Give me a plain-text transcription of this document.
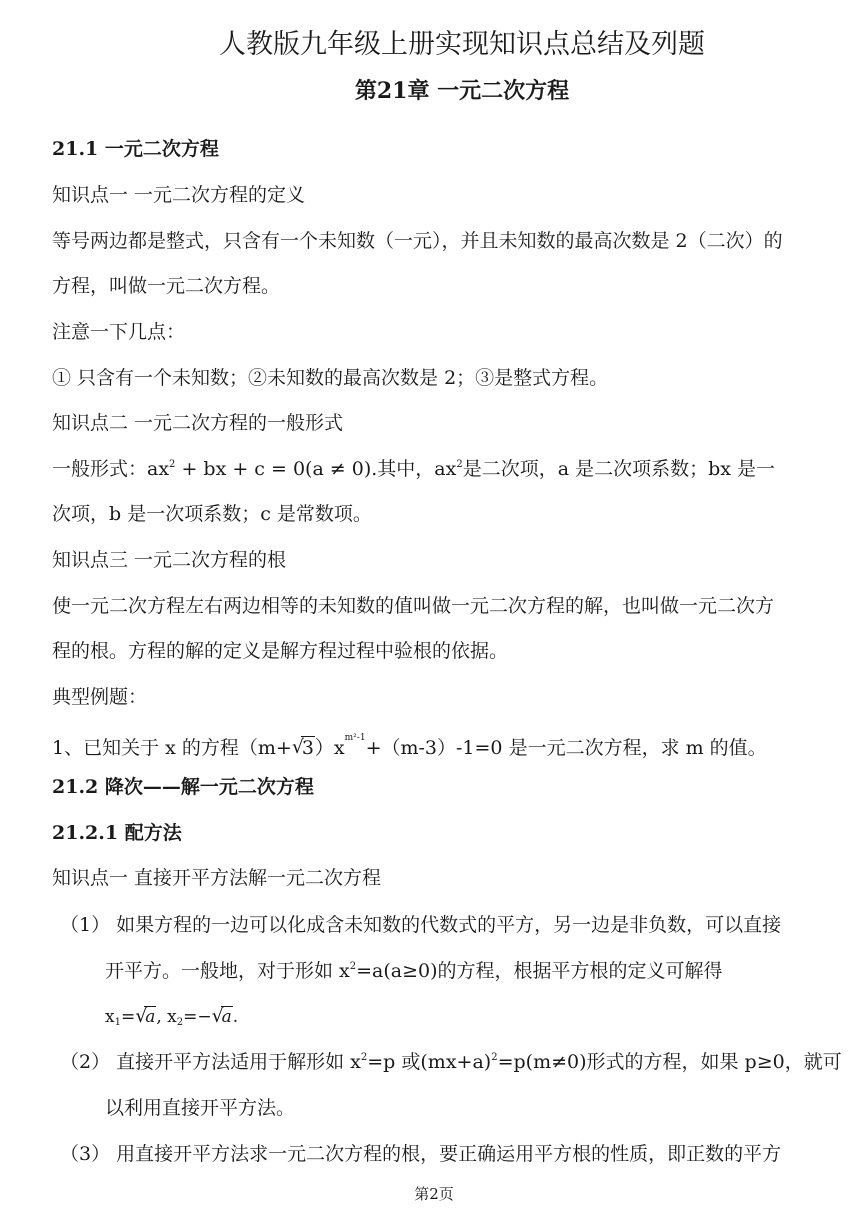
人教版九年级上册实现知识点总结及列题
第21章 一元二次方程
21.1 一元二次方程
知识点一 一元二次方程的定义
等号两边都是整式，只含有一个未知数（一元），并且未知数的最高次数是 2（二次）的
方程，叫做一元二次方程。
注意一下几点：
① 只含有一个未知数；②未知数的最高次数是 2；③是整式方程。
知识点二 一元二次方程的一般形式
一般形式：$ax^2$ + bx + c = 0(a ≠ 0).其中，$ax^2$是二次项，a 是二次项系数；bx 是一
次项，b 是一次项系数；c 是常数项。
知识点三 一元二次方程的根
使一元二次方程左右两边相等的未知数的值叫做一元二次方程的解，也叫做一元二次方
程的根。方程的解的定义是解方程过程中验根的依据。
典型例题：
1、已知关于 x 的方程（m+√ $3)x^{m^2-1}+(m-3)-1=0$ 是一元二次方程，求 m 的值。
21.2 降次——解一元二次方程
21.2.1 配方法
知识点一 直接开平方法解一元二次方程
（1） 如果方程的一边可以化成含未知数的代数式的平方，另一边是非负数，可以直接
开平方。一般地，对于形如 $x^2=a(a\ge 0)$的方程，根据平方根的定义可解得
$x_1=√$ a, $x_2=-√$ a.
（2） 直接开平方法适用于解形如 $x^2=p$ 或$(mx+a)^2=p(m\ne 0)$形式的方程，如果 p≥0，就可
以利用直接开平方法。
（3） 用直接开平方法求一元二次方程的根，要正确运用平方根的性质，即正数的平方
第2页
